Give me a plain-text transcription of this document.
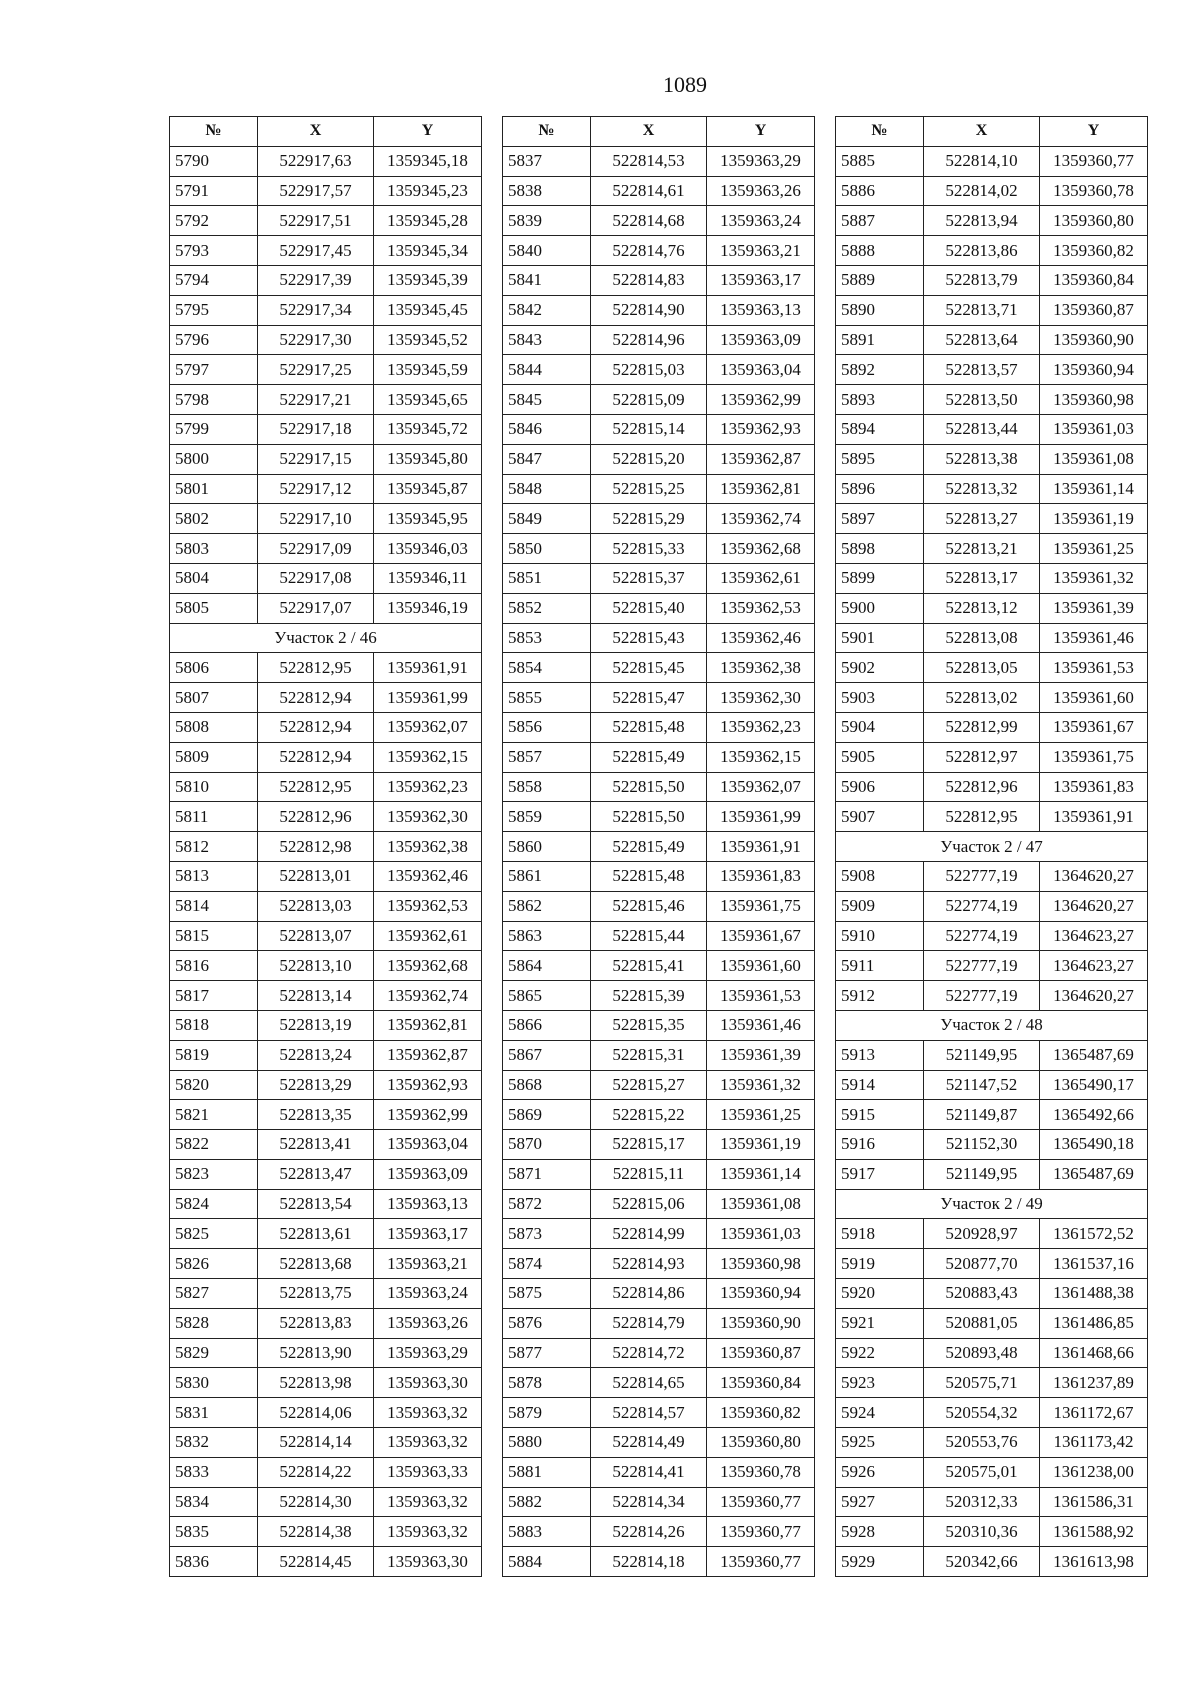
1089
№	X	Y
5790	522917,63	1359345,18
5791	522917,57	1359345,23
5792	522917,51	1359345,28
5793	522917,45	1359345,34
5794	522917,39	1359345,39
5795	522917,34	1359345,45
5796	522917,30	1359345,52
5797	522917,25	1359345,59
5798	522917,21	1359345,65
5799	522917,18	1359345,72
5800	522917,15	1359345,80
5801	522917,12	1359345,87
5802	522917,10	1359345,95
5803	522917,09	1359346,03
5804	522917,08	1359346,11
5805	522917,07	1359346,19
Участок 2 / 46		
5806	522812,95	1359361,91
5807	522812,94	1359361,99
5808	522812,94	1359362,07
5809	522812,94	1359362,15
5810	522812,95	1359362,23
5811	522812,96	1359362,30
5812	522812,98	1359362,38
5813	522813,01	1359362,46
5814	522813,03	1359362,53
5815	522813,07	1359362,61
5816	522813,10	1359362,68
5817	522813,14	1359362,74
5818	522813,19	1359362,81
5819	522813,24	1359362,87
5820	522813,29	1359362,93
5821	522813,35	1359362,99
5822	522813,41	1359363,04
5823	522813,47	1359363,09
5824	522813,54	1359363,13
5825	522813,61	1359363,17
5826	522813,68	1359363,21
5827	522813,75	1359363,24
5828	522813,83	1359363,26
5829	522813,90	1359363,29
5830	522813,98	1359363,30
5831	522814,06	1359363,32
5832	522814,14	1359363,32
5833	522814,22	1359363,33
5834	522814,30	1359363,32
5835	522814,38	1359363,32
5836	522814,45	1359363,30
№	X	Y
5837	522814,53	1359363,29
5838	522814,61	1359363,26
5839	522814,68	1359363,24
5840	522814,76	1359363,21
5841	522814,83	1359363,17
5842	522814,90	1359363,13
5843	522814,96	1359363,09
5844	522815,03	1359363,04
5845	522815,09	1359362,99
5846	522815,14	1359362,93
5847	522815,20	1359362,87
5848	522815,25	1359362,81
5849	522815,29	1359362,74
5850	522815,33	1359362,68
5851	522815,37	1359362,61
5852	522815,40	1359362,53
5853	522815,43	1359362,46
5854	522815,45	1359362,38
5855	522815,47	1359362,30
5856	522815,48	1359362,23
5857	522815,49	1359362,15
5858	522815,50	1359362,07
5859	522815,50	1359361,99
5860	522815,49	1359361,91
5861	522815,48	1359361,83
5862	522815,46	1359361,75
5863	522815,44	1359361,67
5864	522815,41	1359361,60
5865	522815,39	1359361,53
5866	522815,35	1359361,46
5867	522815,31	1359361,39
5868	522815,27	1359361,32
5869	522815,22	1359361,25
5870	522815,17	1359361,19
5871	522815,11	1359361,14
5872	522815,06	1359361,08
5873	522814,99	1359361,03
5874	522814,93	1359360,98
5875	522814,86	1359360,94
5876	522814,79	1359360,90
5877	522814,72	1359360,87
5878	522814,65	1359360,84
5879	522814,57	1359360,82
5880	522814,49	1359360,80
5881	522814,41	1359360,78
5882	522814,34	1359360,77
5883	522814,26	1359360,77
5884	522814,18	1359360,77
№	X	Y
5885	522814,10	1359360,77
5886	522814,02	1359360,78
5887	522813,94	1359360,80
5888	522813,86	1359360,82
5889	522813,79	1359360,84
5890	522813,71	1359360,87
5891	522813,64	1359360,90
5892	522813,57	1359360,94
5893	522813,50	1359360,98
5894	522813,44	1359361,03
5895	522813,38	1359361,08
5896	522813,32	1359361,14
5897	522813,27	1359361,19
5898	522813,21	1359361,25
5899	522813,17	1359361,32
5900	522813,12	1359361,39
5901	522813,08	1359361,46
5902	522813,05	1359361,53
5903	522813,02	1359361,60
5904	522812,99	1359361,67
5905	522812,97	1359361,75
5906	522812,96	1359361,83
5907	522812,95	1359361,91
Участок 2 / 47		
5908	522777,19	1364620,27
5909	522774,19	1364620,27
5910	522774,19	1364623,27
5911	522777,19	1364623,27
5912	522777,19	1364620,27
Участок 2 / 48		
5913	521149,95	1365487,69
5914	521147,52	1365490,17
5915	521149,87	1365492,66
5916	521152,30	1365490,18
5917	521149,95	1365487,69
Участок 2 / 49		
5918	520928,97	1361572,52
5919	520877,70	1361537,16
5920	520883,43	1361488,38
5921	520881,05	1361486,85
5922	520893,48	1361468,66
5923	520575,71	1361237,89
5924	520554,32	1361172,67
5925	520553,76	1361173,42
5926	520575,01	1361238,00
5927	520312,33	1361586,31
5928	520310,36	1361588,92
5929	520342,66	1361613,98
